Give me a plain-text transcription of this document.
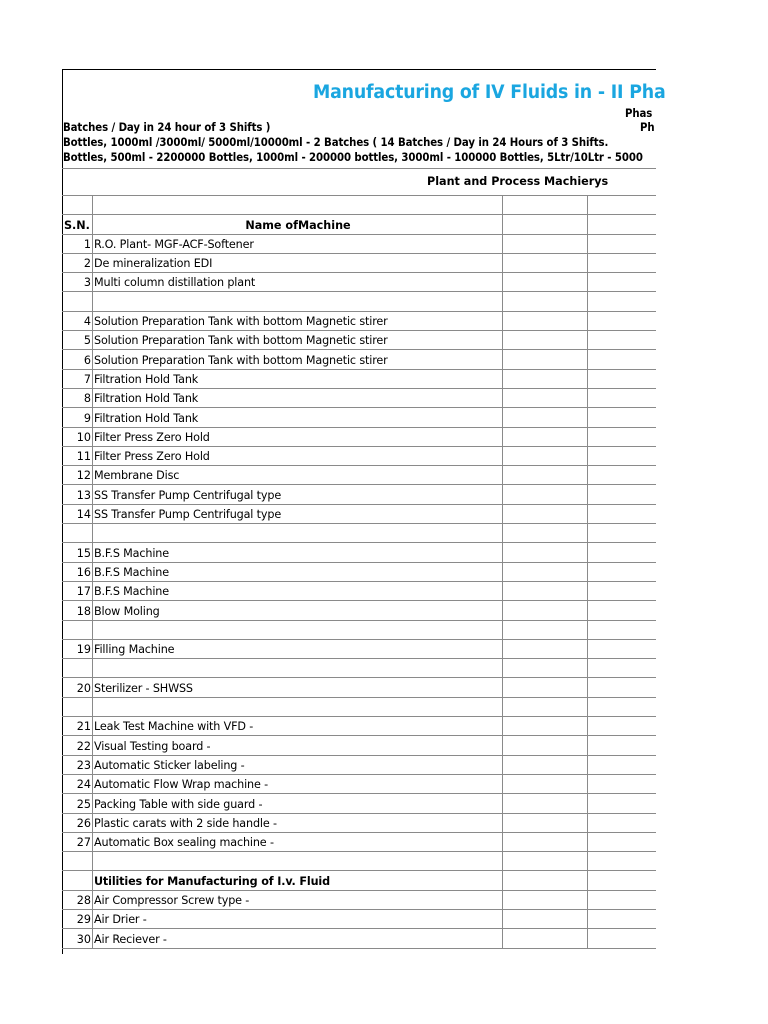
Manufacturing of IV Fluids in - II Pha
Phas
Batches / Day in 24 hour of 3 Shifts )	Ph
Bottles, 1000ml /3000ml/ 5000ml/10000ml - 2 Batches ( 14 Batches / Day in 24 Hours of 3 Shifts.
Bottles, 500ml - 2200000 Bottles, 1000ml - 200000 bottles, 3000ml - 100000 Bottles, 5Ltr/10Ltr - 5000
Plant and Process Machierys			

S.N.	Name ofMachine		
1	R.O. Plant- MGF-ACF-Softener		
2	De mineralization EDI		
3	Multi column distillation plant		

4	Solution Preparation Tank with bottom Magnetic stirer		
5	Solution Preparation Tank with bottom Magnetic stirer		
6	Solution Preparation Tank with bottom Magnetic stirer		
7	Filtration Hold Tank		
8	Filtration Hold Tank		
9	Filtration Hold Tank		
10	Filter Press Zero Hold		
11	Filter Press Zero Hold		
12	Membrane Disc		
13	SS Transfer Pump Centrifugal type		
14	SS Transfer Pump Centrifugal type		

15	B.F.S Machine		
16	B.F.S Machine		
17	B.F.S Machine		
18	Blow Moling		

19	Filling Machine		

20	Sterilizer - SHWSS		

21	Leak Test Machine with VFD -		
22	Visual Testing board -		
23	Automatic Sticker labeling -		
24	Automatic Flow Wrap machine -		
25	Packing Table with side guard -		
26	Plastic carats with 2 side handle -		
27	Automatic Box sealing machine -		

	Utilities for Manufacturing of I.v. Fluid		
28	Air Compressor Screw type -		
29	Air Drier -		
30	Air Reciever -		
